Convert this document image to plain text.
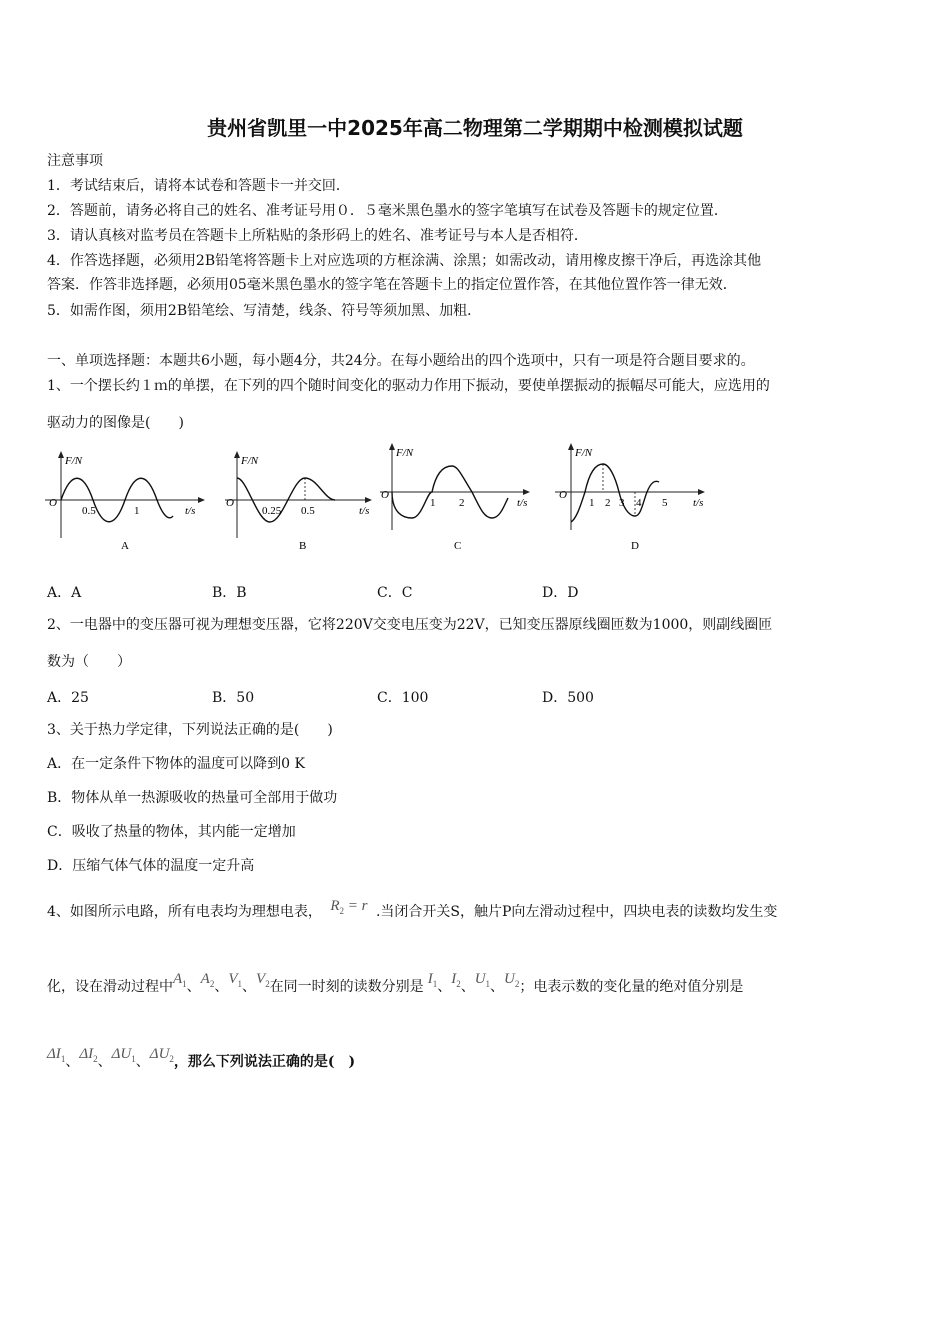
贵州省凯里一中2025年高二物理第二学期期中检测模拟试题
注意事项
1．考试结束后，请将本试卷和答题卡一并交回．
2．答题前，请务必将自己的姓名、准考证号用０．５毫米黑色墨水的签字笔填写在试卷及答题卡的规定位置．
3．请认真核对监考员在答题卡上所粘贴的条形码上的姓名、准考证号与本人是否相符．
4．作答选择题，必须用2B铅笔将答题卡上对应选项的方框涂满、涂黑；如需改动，请用橡皮擦干净后，再选涂其他
答案．作答非选择题，必须用05毫米黑色墨水的签字笔在答题卡上的指定位置作答，在其他位置作答一律无效．
5．如需作图，须用2B铅笔绘、写清楚，线条、符号等须加黑、加粗．
一、单项选择题：本题共6小题，每小题4分，共24分。在每小题给出的四个选项中，只有一项是符合题目要求的。
1、一个摆长约１ｍ的单摆，在下列的四个随时间变化的驱动力作用下振动，要使单摆振动的振幅尽可能大，应选用的
驱动力的图像是(　　)
F/N
O
0.5	1	t/s
A
F/N
O
0.25 0.5	t/s
B
F/N
O
1 2	t/s
C
F/N
O
1 2 3 4 5 t/s
D
A．A	B．B	C．C	D．D
2、一电器中的变压器可视为理想变压器，它将220V交变电压变为22V，已知变压器原线圈匝数为1000，则副线圈匝
数为（　　）
A．25	B．50	C．100	D．500
3、关于热力学定律，下列说法正确的是(　　)
A．在一定条件下物体的温度可以降到0 K
B．物体从单一热源吸收的热量可全部用于做功
C．吸收了热量的物体，其内能一定增加
D．压缩气体气体的温度一定升高
4、如图所示电路，所有电表均为理想电表， $R_2 = r$ .当闭合开关S，触片P向左滑动过程中，四块电表的读数均发生变
化，设在滑动过程中$A_1$、$A_2$、$V_1$、$V_2$在同一时刻的读数分别是 $I_1$、$I_2$、$U_1$、$U_2$；电表示数的变化量的绝对值分别是
$\Delta I_1$、$\Delta I_2$、$\Delta U_1$、$\Delta U_2$，那么下列说法正确的是(　)
